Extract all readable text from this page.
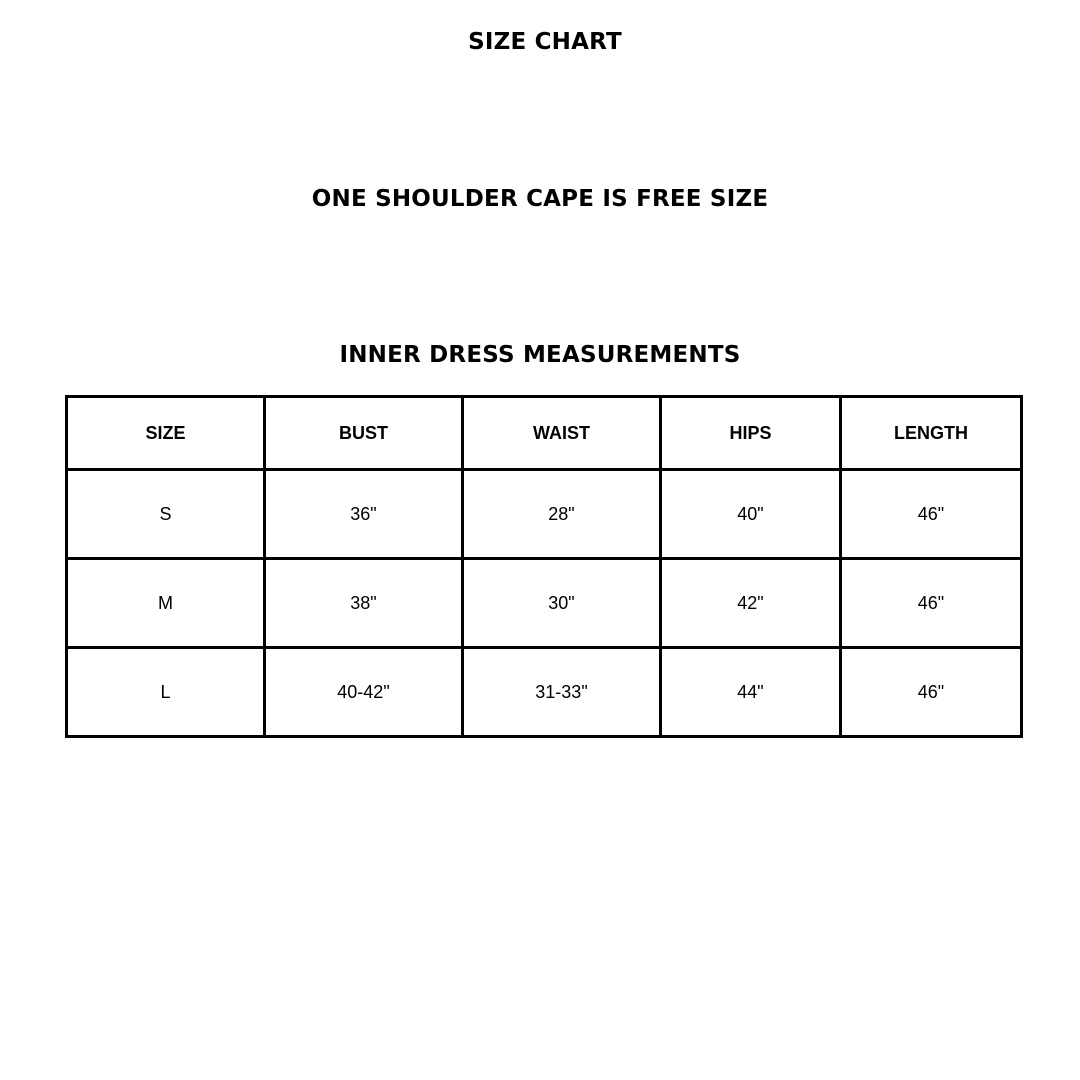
SIZE CHART
ONE SHOULDER CAPE IS FREE SIZE
INNER DRESS MEASUREMENTS
SIZE	BUST	WAIST	HIPS	LENGTH
S	36"	28"	40"	46"
M	38"	30"	42"	46"
L	40-42"	31-33"	44"	46"
